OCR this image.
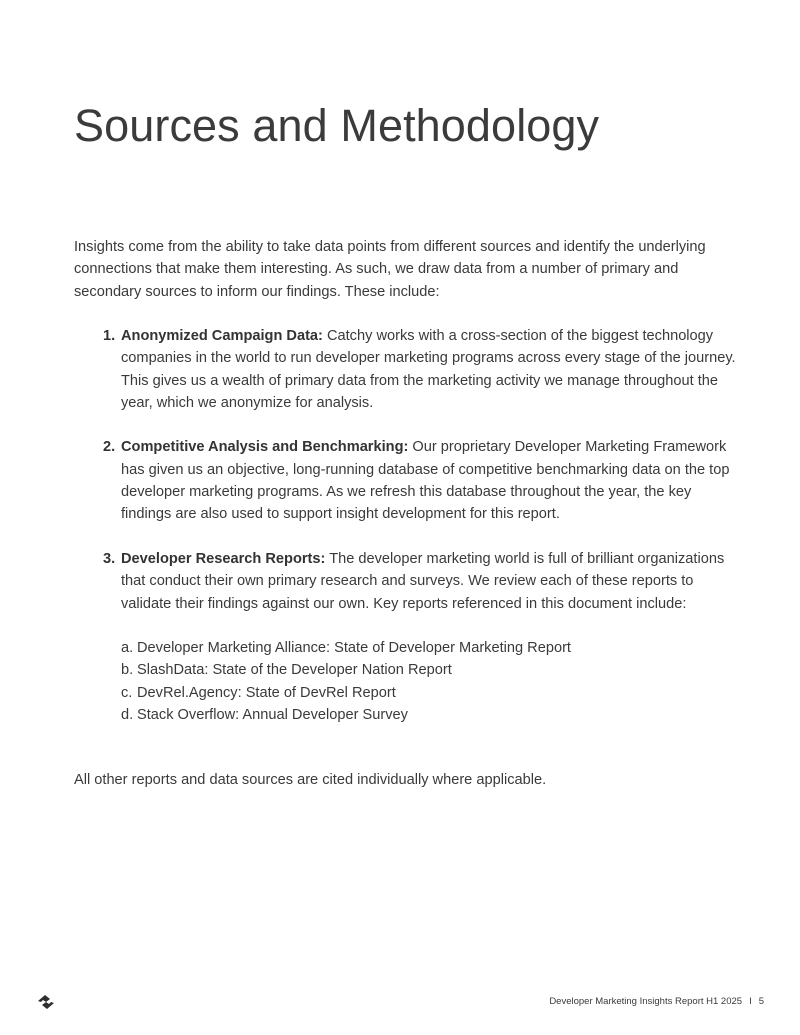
Sources and Methodology

Insights come from the ability to take data points from different sources and identify the underlying connections that make them interesting. As such, we draw data from a number of primary and secondary sources to inform our findings. These include:

1. Anonymized Campaign Data: Catchy works with a cross-section of the biggest technology companies in the world to run developer marketing programs across every stage of the journey. This gives us a wealth of primary data from the marketing activity we manage throughout the year, which we anonymize for analysis.
2. Competitive Analysis and Benchmarking: Our proprietary Developer Marketing Framework has given us an objective, long-running database of competitive benchmarking data on the top developer marketing programs. As we refresh this database throughout the year, the key findings are also used to support insight development for this report.
3. Developer Research Reports: The developer marketing world is full of brilliant organizations that conduct their own primary research and surveys. We review each of these reports to validate their findings against our own. Key reports referenced in this document include:
a. Developer Marketing Alliance: State of Developer Marketing Report
b. SlashData: State of the Developer Nation Report
c. DevRel.Agency: State of DevRel Report
d. Stack Overflow: Annual Developer Survey

All other reports and data sources are cited individually where applicable.

Developer Marketing Insights Report H1 2025 I 5
